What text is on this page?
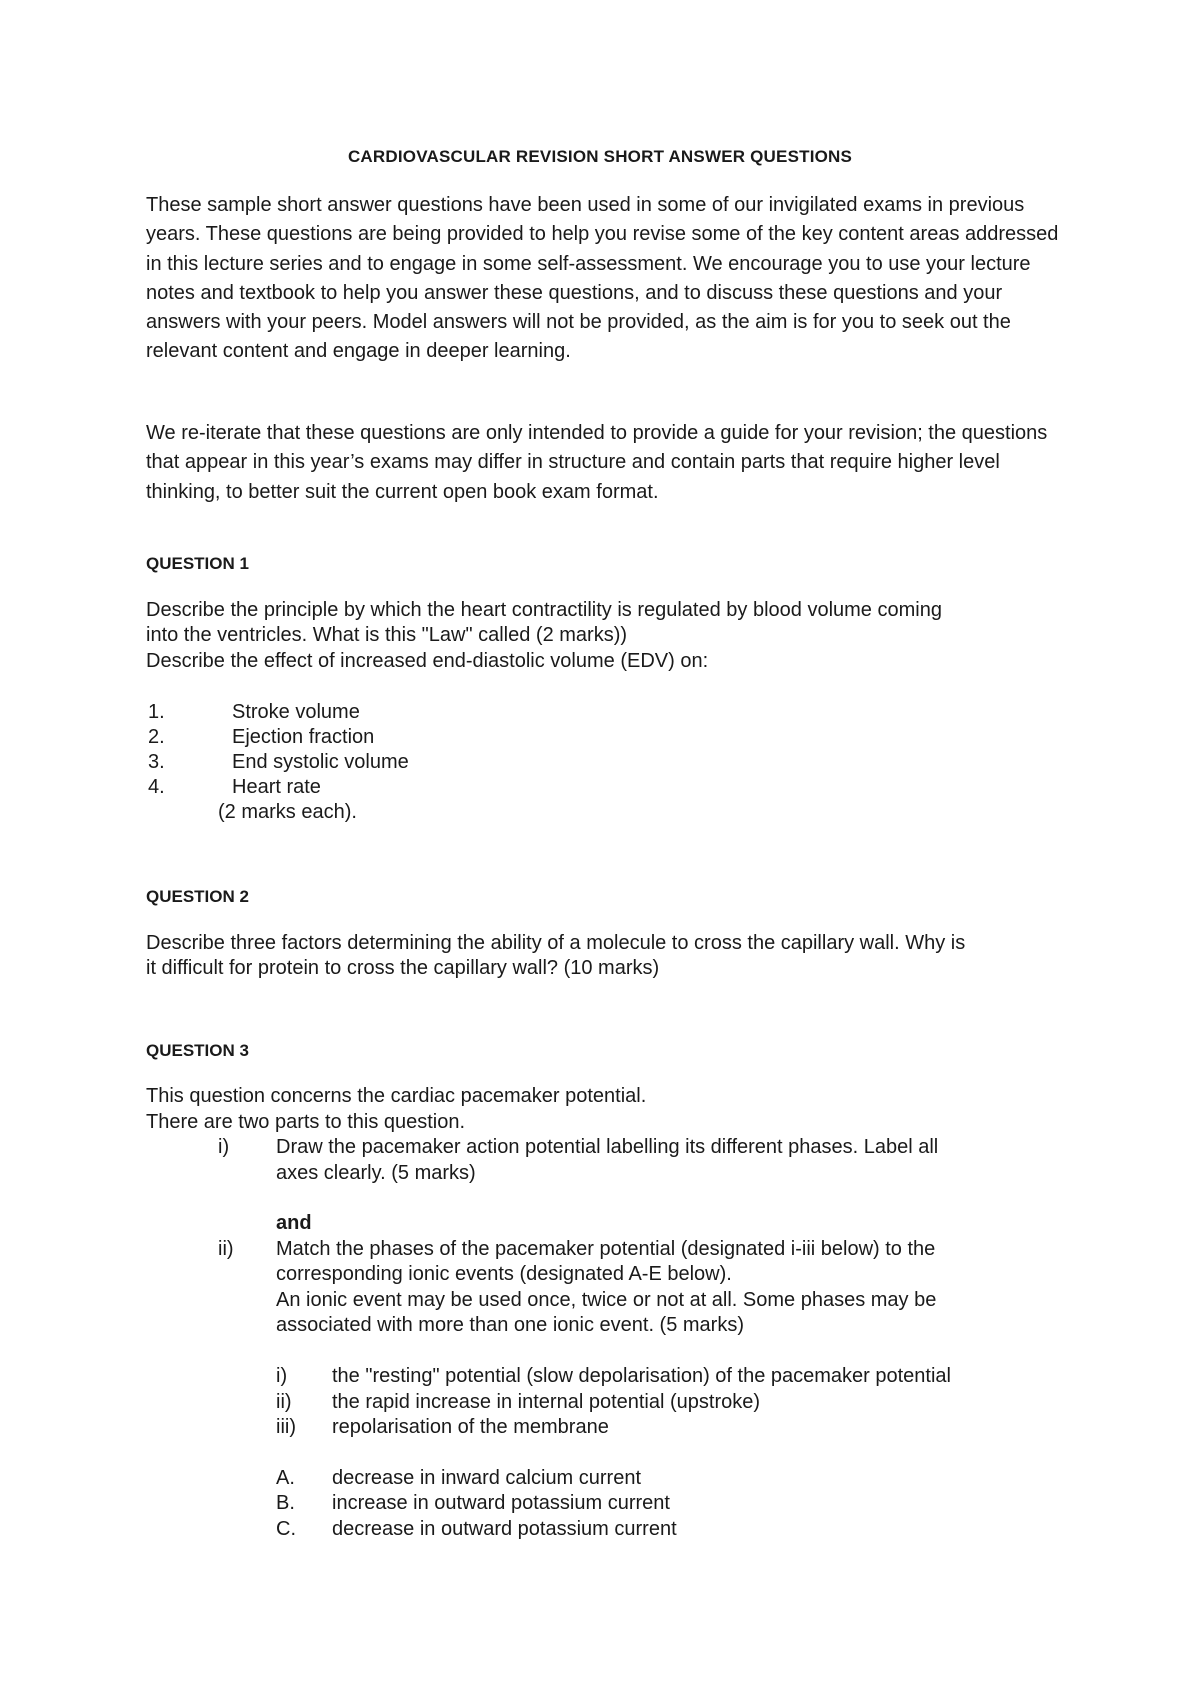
CARDIOVASCULAR REVISION SHORT ANSWER QUESTIONS

These sample short answer questions have been used in some of our invigilated exams in previous years. These questions are being provided to help you revise some of the key content areas addressed in this lecture series and to engage in some self-assessment. We encourage you to use your lecture notes and textbook to help you answer these questions, and to discuss these questions and your answers with your peers. Model answers will not be provided, as the aim is for you to seek out the relevant content and engage in deeper learning.

We re-iterate that these questions are only intended to provide a guide for your revision; the questions that appear in this year’s exams may differ in structure and contain parts that require higher level thinking, to better suit the current open book exam format.

QUESTION 1

Describe the principle by which the heart contractility is regulated by blood volume coming

into the ventricles. What is this "Law" called (2 marks))

Describe the effect of increased end-diastolic volume (EDV) on:

1.	Stroke volume
2.	Ejection fraction
3.	End systolic volume
4.	Heart rate
(2 marks each).
QUESTION 2

Describe three factors determining the ability of a molecule to cross the capillary wall. Why is

it difficult for protein to cross the capillary wall? (10 marks)

QUESTION 3

This question concerns the cardiac pacemaker potential.

There are two parts to this question.

i) Draw the pacemaker action potential labelling its different phases. Label all

axes clearly. (5 marks)

and
ii) Match the phases of the pacemaker potential (designated i-iii below) to the

corresponding ionic events (designated A-E below).

An ionic event may be used once, twice or not at all. Some phases may be

associated with more than one ionic event. (5 marks)

i) the "resting" potential (slow depolarisation) of the pacemaker potential
ii) the rapid increase in internal potential (upstroke)
iii) repolarisation of the membrane
A. decrease in inward calcium current
B. increase in outward potassium current
C. decrease in outward potassium current
